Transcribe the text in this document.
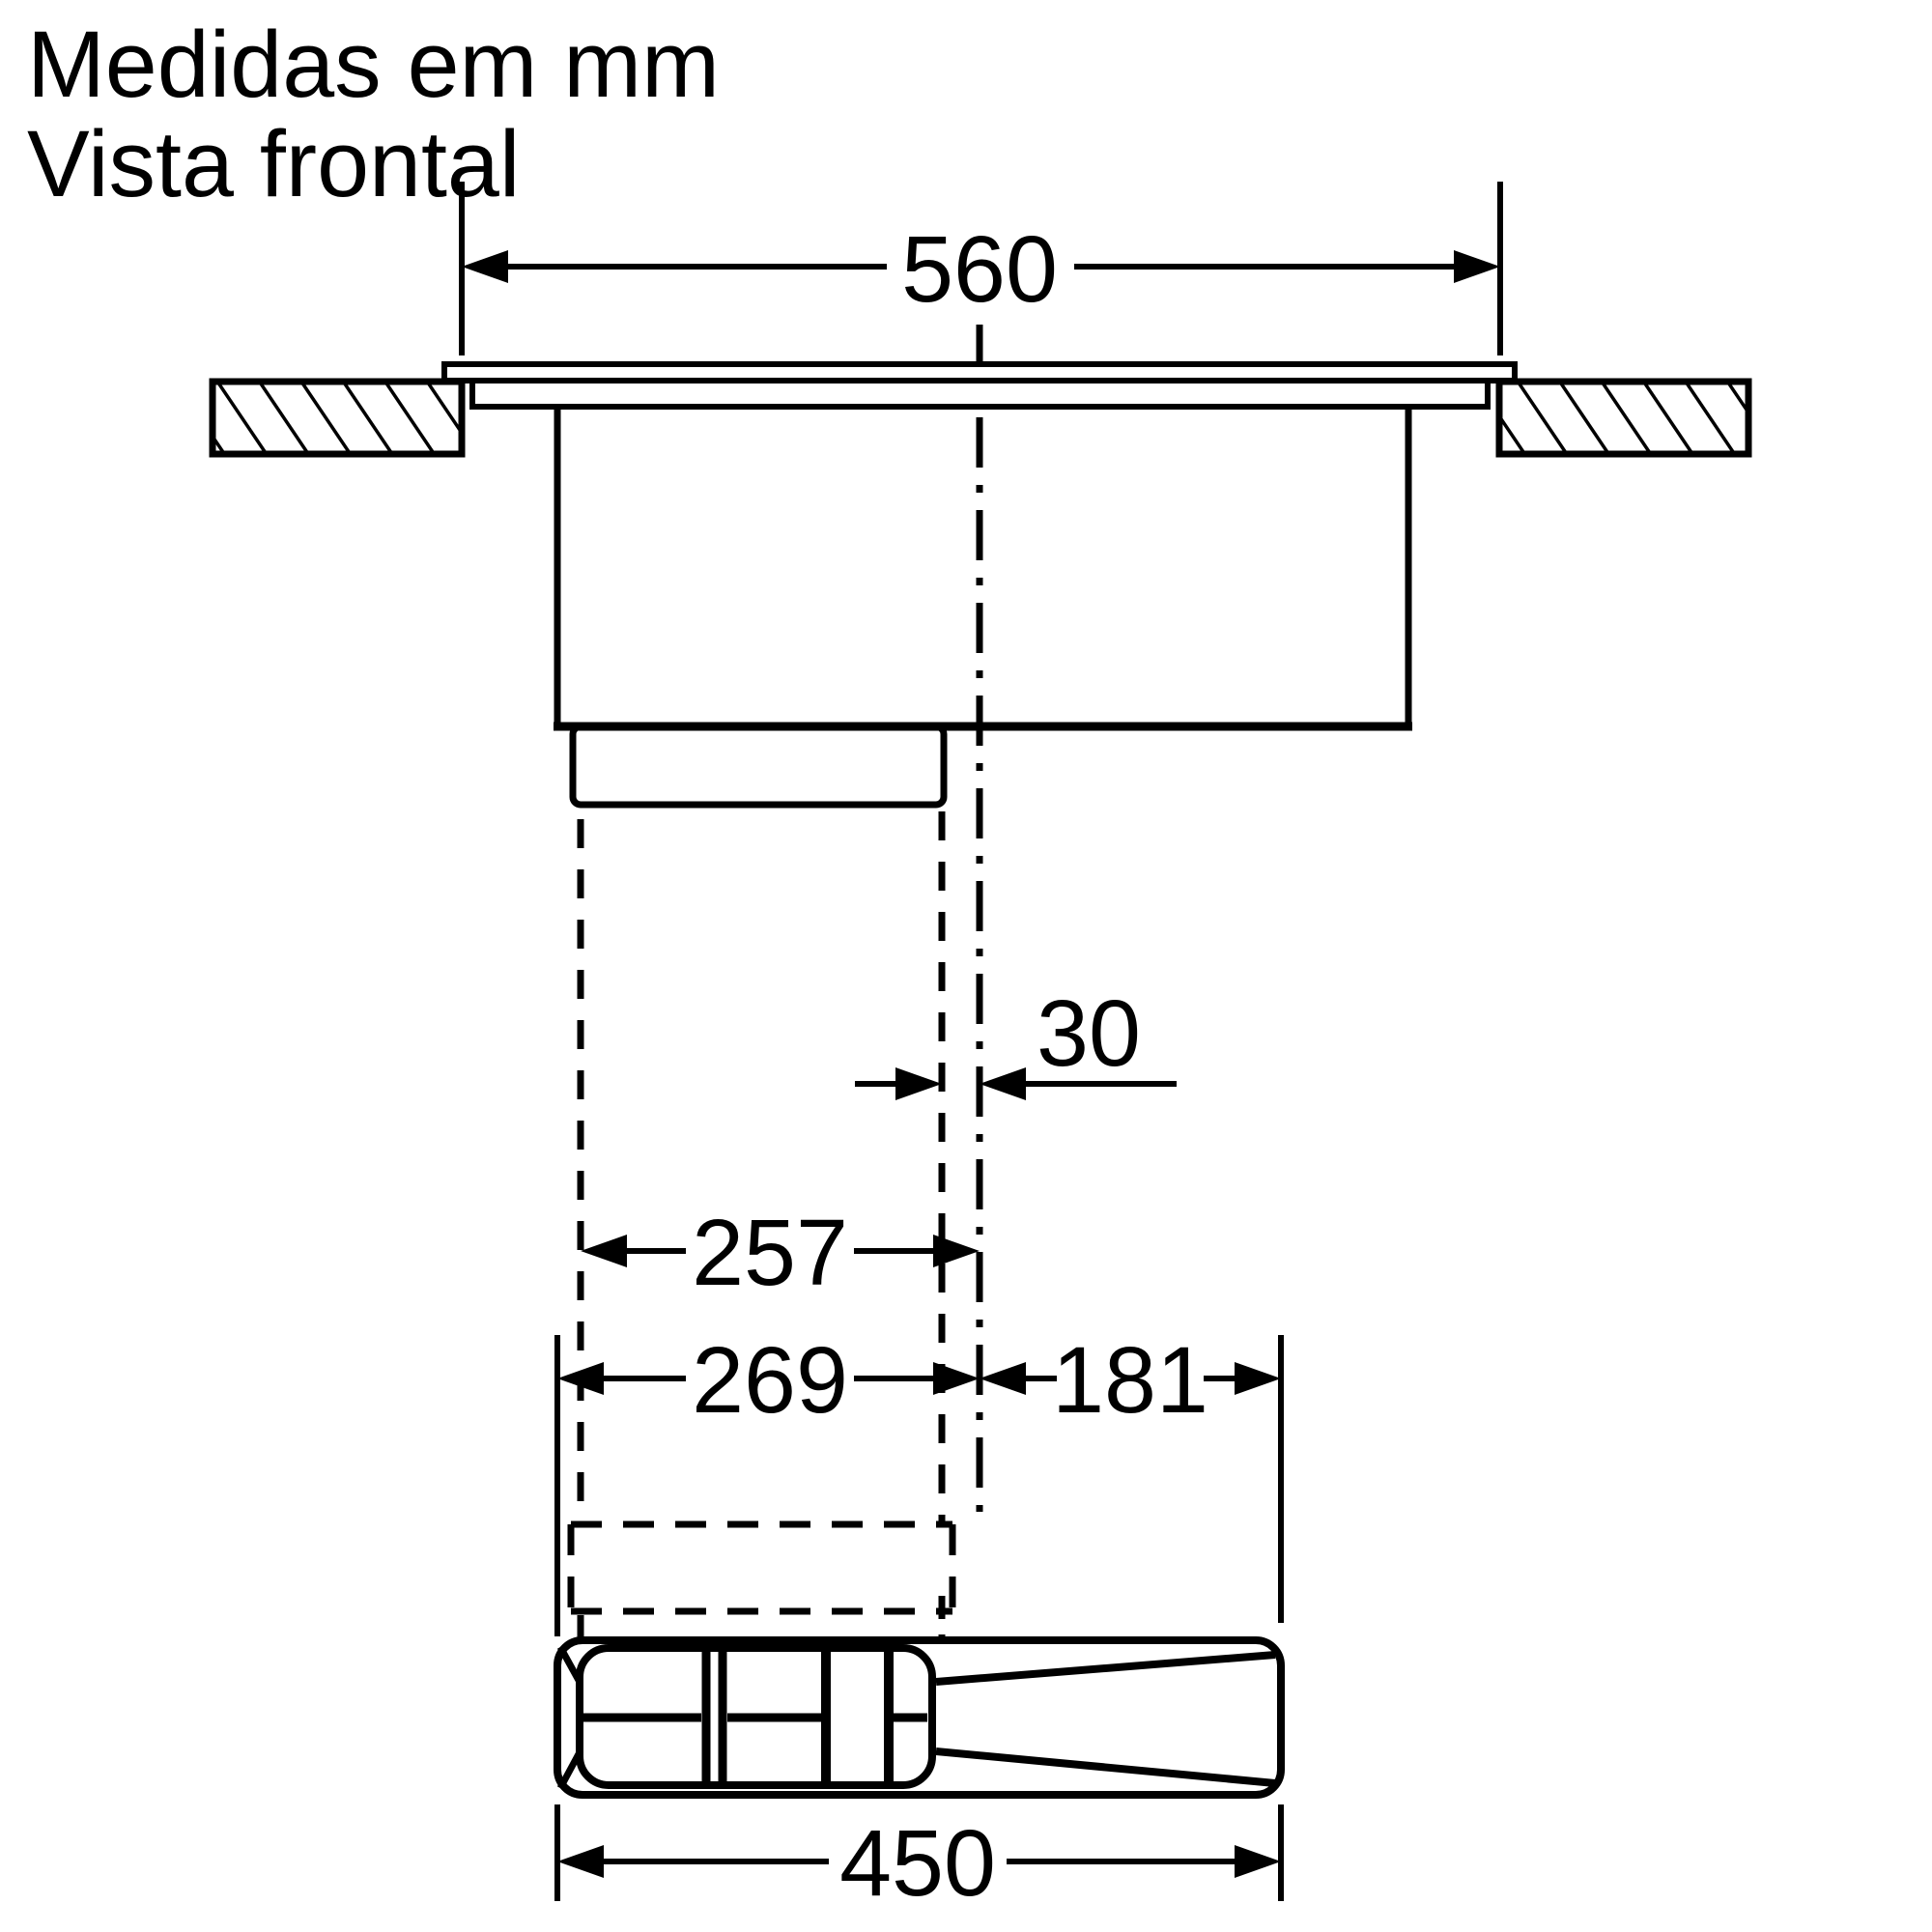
Medidas em mm
Vista frontal
560
30
257
269 181
450
